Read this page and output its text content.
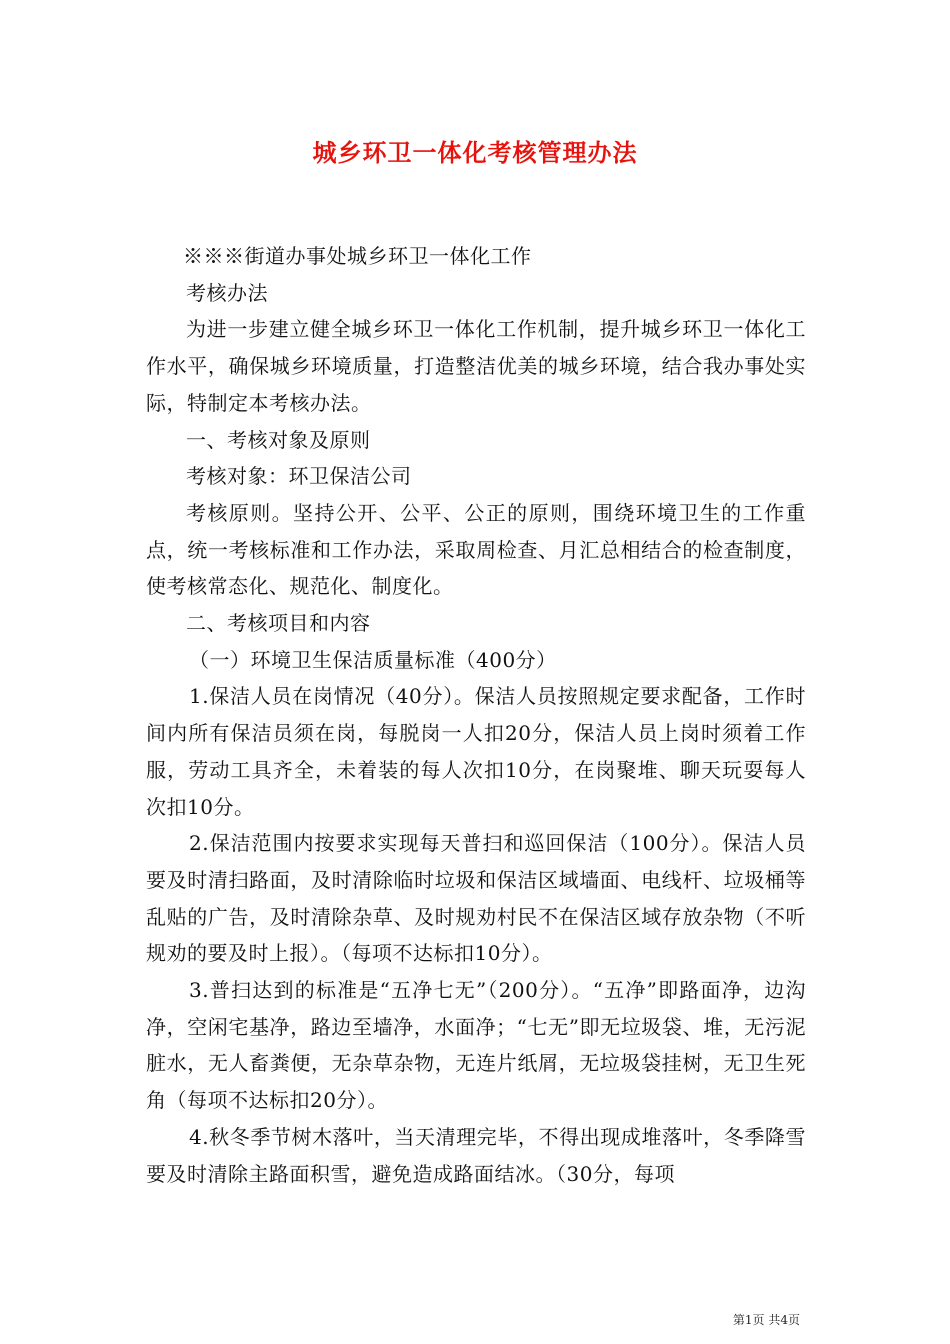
城乡环卫一体化考核管理办法

※※※街道办事处城乡环卫一体化工作

考核办法

为进一步建立健全城乡环卫一体化工作机制，提升城乡环卫一体化工作水平，确保城乡环境质量，打造整洁优美的城乡环境，结合我办事处实际，特制定本考核办法。

一、考核对象及原则

考核对象：环卫保洁公司

考核原则。坚持公开、公平、公正的原则，围绕环境卫生的工作重点，统一考核标准和工作办法，采取周检查、月汇总相结合的检查制度，使考核常态化、规范化、制度化。

二、考核项目和内容

（一）环境卫生保洁质量标准（400分）

1.保洁人员在岗情况（40分）。保洁人员按照规定要求配备，工作时间内所有保洁员须在岗，每脱岗一人扣20分，保洁人员上岗时须着工作服，劳动工具齐全，未着装的每人次扣10分，在岗聚堆、聊天玩耍每人次扣10分。

2.保洁范围内按要求实现每天普扫和巡回保洁（100分）。保洁人员要及时清扫路面，及时清除临时垃圾和保洁区域墙面、电线杆、垃圾桶等乱贴的广告，及时清除杂草、及时规劝村民不在保洁区域存放杂物（不听规劝的要及时上报）。（每项不达标扣10分）。

3.普扫达到的标准是“五净七无”（200分）。“五净”即路面净，边沟净，空闲宅基净，路边至墙净，水面净；“七无”即无垃圾袋、堆，无污泥脏水，无人畜粪便，无杂草杂物，无连片纸屑，无垃圾袋挂树，无卫生死角（每项不达标扣20分）。

4.秋冬季节树木落叶，当天清理完毕，不得出现成堆落叶，冬季降雪要及时清除主路面积雪，避免造成路面结冰。（30分，每项

第1页 共4页
